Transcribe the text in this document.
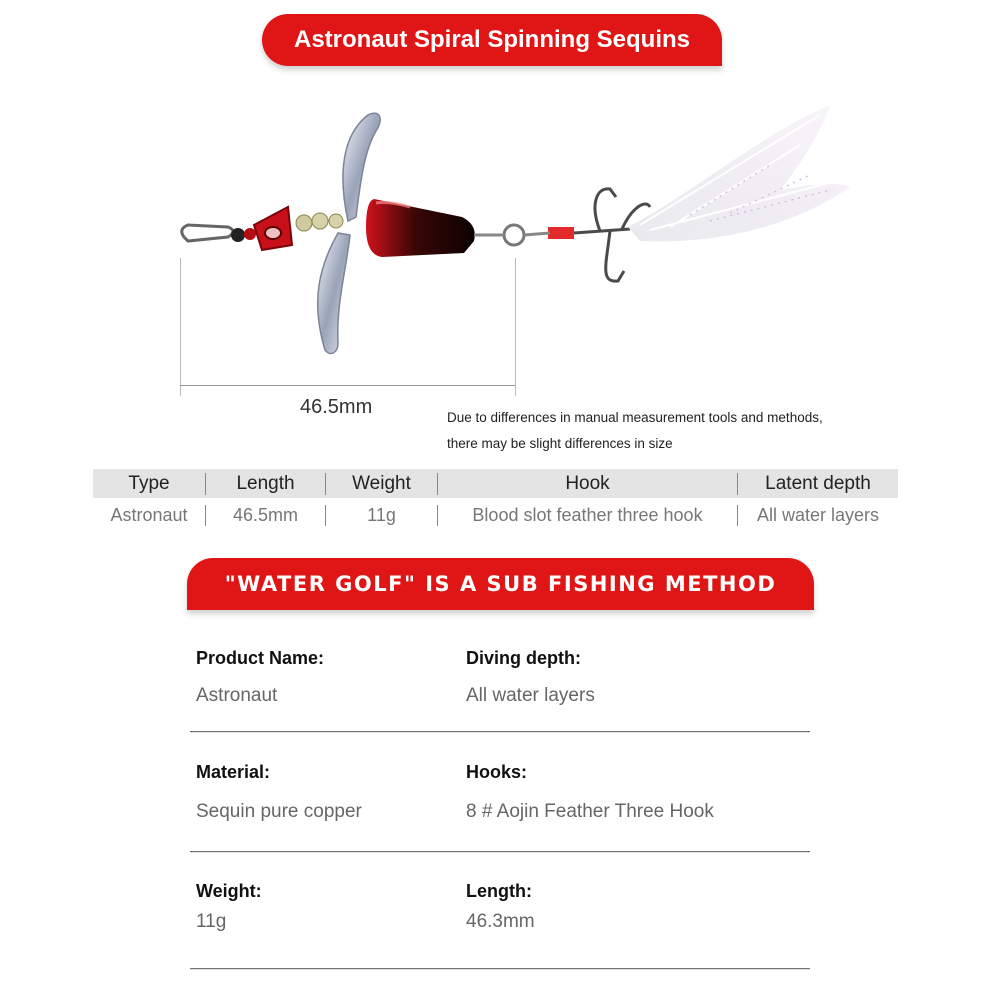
Astronaut Spiral Spinning Sequins
46.5mm	Due to differences in manual measurement tools and methods,
there may be slight differences in size
Type	Length	Weight	Hook	Latent depth
Astronaut	46.5mm	11g	Blood slot feather three hook	All water layers
"WATER GOLF" IS A SUB FISHING METHOD
Product Name:
Astronaut
Diving depth:
All water layers
Material:
Sequin pure copper
Hooks:
8 # Aojin Feather Three Hook
Weight:
11g
Length:
46.3mm
